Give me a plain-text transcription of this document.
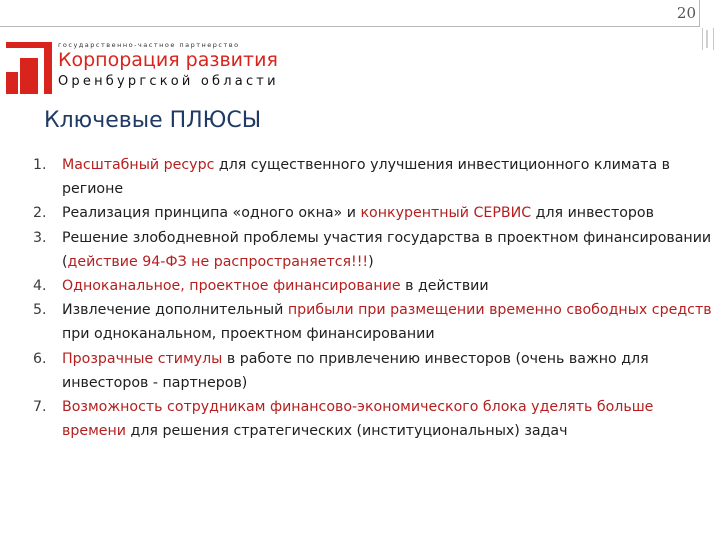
20
государственно-частное партнерство
Корпорация развития
Оренбургской области
Ключевые ПЛЮСЫ
1. Масштабный ресурс для существенного улучшения инвестиционного климата в регионе
2. Реализация принципа «одного окна» и конкурентный СЕРВИС для инвесторов
3. Решение злободневной проблемы участия государства в проектном финансировании (действие 94-ФЗ не распространяется!!!)
4. Одноканальное, проектное финансирование в действии
5. Извлечение дополнительный прибыли при размещении временно свободных средств при одноканальном, проектном финансировании
6. Прозрачные стимулы в работе по привлечению инвесторов (очень важно для инвесторов - партнеров)
7. Возможность сотрудникам финансово-экономического блока уделять больше времени для решения стратегических (институциональных) задач
